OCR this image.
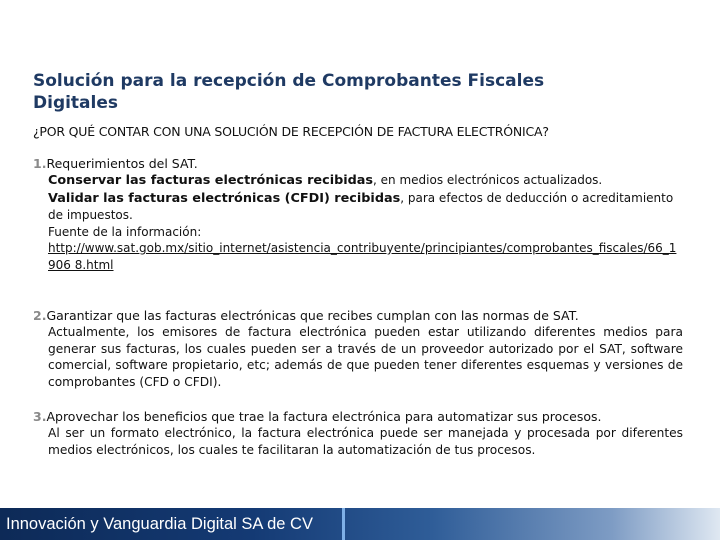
Solución para la recepción de Comprobantes Fiscales Digitales
¿POR QUÉ CONTAR CON UNA SOLUCIÓN DE RECEPCIÓN DE FACTURA ELECTRÓNICA?
1.Requerimientos del SAT.
Conservar las facturas electrónicas recibidas, en medios electrónicos actualizados.
Validar las facturas electrónicas (CFDI) recibidas, para efectos de deducción o acreditamiento de impuestos.
Fuente de la información:
http://www.sat.gob.mx/sitio_internet/asistencia_contribuyente/principiantes/comprobantes_fiscales/66_1906 8.html
2.Garantizar que las facturas electrónicas que recibes cumplan con las normas de SAT.
Actualmente, los emisores de factura electrónica pueden estar utilizando diferentes medios para generar sus facturas, los cuales pueden ser a través de un proveedor autorizado por el SAT, software comercial, software propietario, etc; además de que pueden tener diferentes esquemas y versiones de comprobantes (CFD o CFDI).
3.Aprovechar los beneficios que trae la factura electrónica para automatizar sus procesos.
Al ser un formato electrónico, la factura electrónica puede ser manejada y procesada por diferentes medios electrónicos, los cuales te facilitaran la automatización de tus procesos.
Innovación y Vanguardia Digital SA de CV
